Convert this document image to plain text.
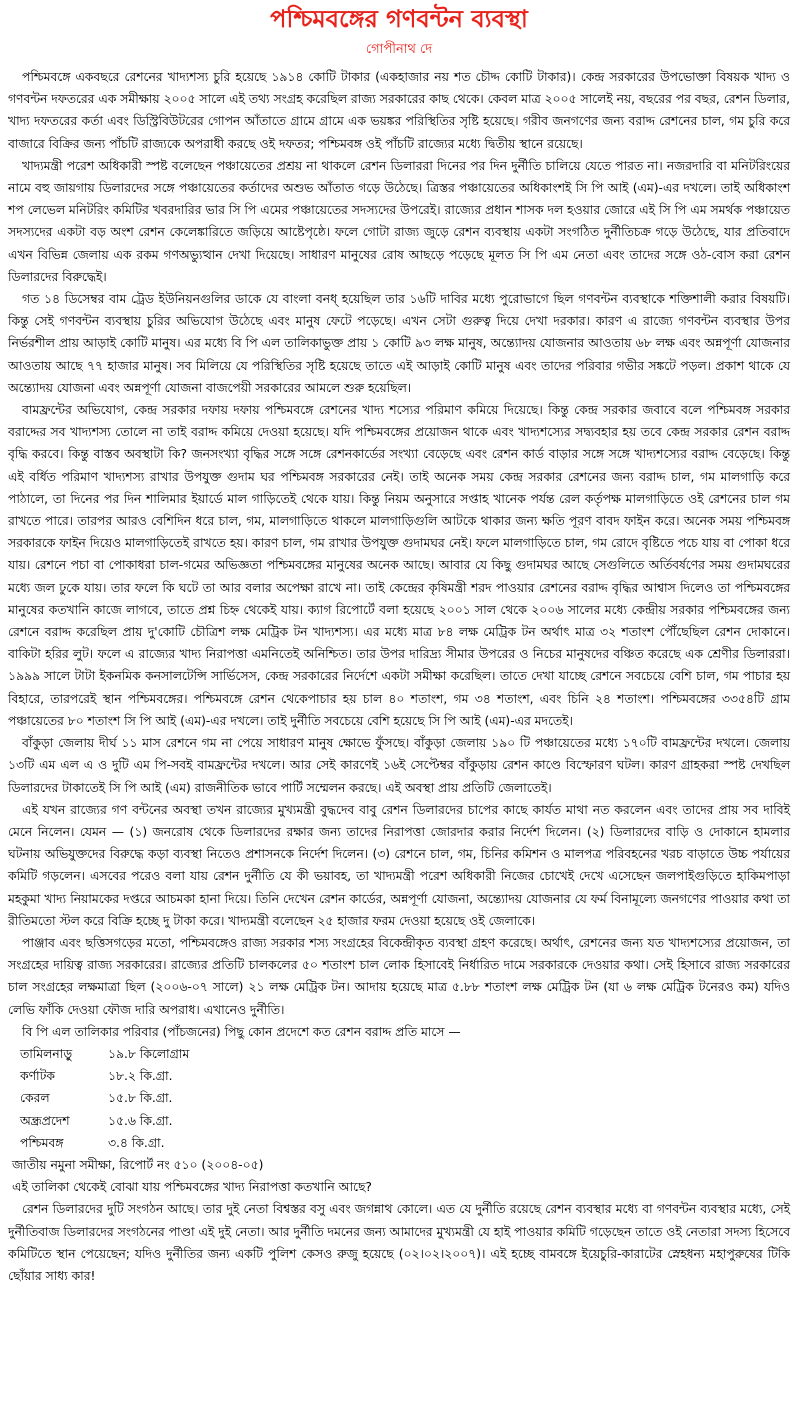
পশ্চিমবঙ্গের গণবন্টন ব্যবস্থা
গোপীনাথ দে

পশ্চিমবঙ্গে একবছরে রেশনের খাদ্যশস্য চুরি হয়েছে ১৯১৪ কোটি টাকার (একহাজার নয় শত চৌদ্দ কোটি টাকার)। কেন্দ্র সরকারের উপভোক্তা বিষয়ক খাদ্য ও গণবন্টন দফতরের এক সমীক্ষায় ২০০৫ সালে এই তথ্য সংগ্রহ করেছিল রাজ্য সরকারের কাছ থেকে। কেবল মাত্র ২০০৫ সালেই নয়, বছরের পর বছর, রেশন ডিলার, খাদ্য দফতরের কর্তা এবং ডিস্ট্রিবিউটরের গোপন আঁতাতে গ্রামে গ্রামে এক ভয়ঙ্কর পরিস্থিতির সৃষ্টি হয়েছে। গরীব জনগণের জন্য বরাদ্দ রেশনের চাল, গম চুরি করে বাজারে বিক্রির জন্য পাঁচটি রাজ্যকে অপরাধী করছে ওই দফতর; পশ্চিমবঙ্গ ওই পাঁচটি রাজ্যের মধ্যে দ্বিতীয় স্থানে রয়েছে।

খাদ্যমন্ত্রী পরেশ অধিকারী স্পষ্ট বলেছেন পঞ্চায়েতের প্রশ্রয় না থাকলে রেশন ডিলাররা দিনের পর দিন দুর্নীতি চালিয়ে যেতে পারত না। নজরদারি বা মনিটরিংয়ের নামে বহু জায়গায় ডিলারদের সঙ্গে পঞ্চায়েতের কর্তাদের অশুভ আঁতাত গড়ে উঠেছে। ত্রিস্তর পঞ্চায়েতের অধিকাংশই সি পি আই (এম)-এর দখলে। তাই অধিকাংশ শপ লেভেল মনিটরিং কমিটির খবরদারির ভার সি পি এমের পঞ্চায়েতের সদস্যদের উপরেই। রাজ্যের প্রধান শাসক দল হওয়ার জোরে এই সি পি এম সমর্থক পঞ্চায়েত সদস্যদের একটা বড় অংশ রেশন কেলেঙ্কারিতে জড়িয়ে আষ্টেপৃষ্ঠে। ফলে গোটা রাজ্য জুড়ে রেশন ব্যবস্থায় একটা সংগঠিত দুর্নীতিচক্র গড়ে উঠেছে, যার প্রতিবাদে এখন বিভিন্ন জেলায় এক রকম গণঅভ্যুত্থান দেখা দিয়েছে। সাধারণ মানুষের রোষ আছড়ে পড়েছে মূলত সি পি এম নেতা এবং তাদের সঙ্গে ওঠ-বোস করা রেশন ডিলারদের বিরুদ্ধেই।

গত ১৪ ডিসেম্বর বাম ট্রেড ইউনিয়নগুলির ডাকে যে বাংলা বনধ্ হয়েছিল তার ১৬টি দাবির মধ্যে পুরোভাগে ছিল গণবন্টন ব্যবস্থাকে শক্তিশালী করার বিষয়টি। কিন্তু সেই গণবন্টন ব্যবস্থায় চুরির অভিযোগ উঠেছে এবং মানুষ ফেটে পড়েছে। এখন সেটা গুরুত্ব দিয়ে দেখা দরকার। কারণ এ রাজ্যে গণবন্টন ব্যবস্থার উপর নির্ভরশীল প্রায় আড়াই কোটি মানুষ। এর মধ্যে বি পি এল তালিকাভুক্ত প্রায় ১ কোটি ৯৩ লক্ষ মানুষ, অন্ত্যোদয় যোজনার আওতায় ৬৮ লক্ষ এবং অন্নপূর্ণা যোজনার আওতায় আছে ৭৭ হাজার মানুষ। সব মিলিয়ে যে পরিস্থিতির সৃষ্টি হয়েছে তাতে এই আড়াই কোটি মানুষ এবং তাদের পরিবার গভীর সঙ্কটে পড়ল। প্রকাশ থাকে যে অন্ত্যোদয় যোজনা এবং অন্নপূর্ণা যোজনা বাজপেয়ী সরকারের আমলে শুরু হয়েছিল।

বামফ্রন্টের অভিযোগ, কেন্দ্র সরকার দফায় দফায় পশ্চিমবঙ্গে রেশনের খাদ্য শস্যের পরিমাণ কমিয়ে দিয়েছে। কিন্তু কেন্দ্র সরকার জবাবে বলে পশ্চিমবঙ্গ সরকার বরাদ্দের সব খাদ্যশস্য তোলে না তাই বরাদ্দ কমিয়ে দেওয়া হয়েছে। যদি পশ্চিমবঙ্গের প্রয়োজন থাকে এবং খাদ্যশস্যের সদ্ব্যবহার হয় তবে কেন্দ্র সরকার রেশন বরাদ্দ বৃদ্ধি করবে। কিন্তু বাস্তব অবস্থাটা কি? জনসংখ্যা বৃদ্ধির সঙ্গে সঙ্গে রেশনকার্ডের সংখ্যা বেড়েছে এবং রেশন কার্ড বাড়ার সঙ্গে সঙ্গে খাদ্যশস্যের বরাদ্দ বেড়েছে। কিন্তু এই বর্ধিত পরিমাণ খাদ্যশস্য রাখার উপযুক্ত গুদাম ঘর পশ্চিমবঙ্গ সরকারের নেই। তাই অনেক সময় কেন্দ্র সরকার রেশনের জন্য বরাদ্দ চাল, গম মালগাড়ি করে পাঠালে, তা দিনের পর দিন শালিমার ইয়ার্ডে মাল গাড়িতেই থেকে যায়। কিন্তু নিয়ম অনুসারে সপ্তাহ খানেক পর্যন্ত রেল কর্তৃপক্ষ মালগাড়িতে ওই রেশনের চাল গম রাখতে পারে। তারপর আরও বেশিদিন ধরে চাল, গম, মালগাড়িতে থাকলে মালগাড়িগুলি আটকে থাকার জন্য ক্ষতি পূরণ বাবদ ফাইন করে। অনেক সময় পশ্চিমবঙ্গ সরকারকে ফাইন দিয়েও মালগাড়িতেই রাখতে হয়। কারণ চাল, গম রাখার উপযুক্ত গুদামঘর নেই। ফলে মালগাড়িতে চাল, গম রোদে বৃষ্টিতে পচে যায় বা পোকা ধরে যায়। রেশনে পচা বা পোকাধরা চাল-গমের অভিজ্ঞতা পশ্চিমবঙ্গের মানুষের অনেক আছে। আবার যে কিছু গুদামঘর আছে সেগুলিতে অর্তিবর্ষণের সময় গুদামঘরের মধ্যে জল ঢুকে যায়। তার ফলে কি ঘটে তা আর বলার অপেক্ষা রাখে না। তাই কেন্দ্রের কৃষিমন্ত্রী শরদ পাওয়ার রেশনের বরাদ্দ বৃদ্ধির আশ্বাস দিলেও তা পশ্চিমবঙ্গের মানুষের কতখানি কাজে লাগবে, তাতে প্রশ্ন চিহ্ন থেকেই যায়। ক্যাগ রিপোর্টে বলা হয়েছে ২০০১ সাল থেকে ২০০৬ সালের মধ্যে কেন্দ্রীয় সরকার পশ্চিমবঙ্গের জন্য রেশনে বরাদ্দ করেছিল প্রায় দু'কোটি চৌত্রিশ লক্ষ মেট্রিক টন খাদ্যশস্য। এর মধ্যে মাত্র ৮৪ লক্ষ মেট্রিক টন অর্থাৎ মাত্র ৩২ শতাংশ পৌঁছেছিল রেশন দোকানে। বাকিটা হরির লুট। ফলে এ রাজ্যের খাদ্য নিরাপত্তা এমনিতেই অনিশ্চিত। তার উপর দারিদ্র্য সীমার উপরের ও নিচের মানুষদের বঞ্চিত করেছে এক শ্রেণীর ডিলাররা। ১৯৯৯ সালে টাটা ইকনমিক কনসালটেন্সি সার্ভিসেস, কেন্দ্র সরকারের নির্দেশে একটা সমীক্ষা করেছিল। তাতে দেখা যাচ্ছে রেশনে সবচেয়ে বেশি চাল, গম পাচার হয় বিহারে, তারপরেই স্থান পশ্চিমবঙ্গের। পশ্চিমবঙ্গে রেশন থেকেপাচার হয় চাল ৪০ শতাংশ, গম ৩৪ শতাংশ, এবং চিনি ২৪ শতাংশ। পশ্চিমবঙ্গের ৩৩৫৪টি গ্রাম পঞ্চায়েতের ৮০ শতাংশ সি পি আই (এম)-এর দখলে। তাই দুর্নীতি সবচেয়ে বেশি হয়েছে সি পি আই (এম)-এর মদতেই।

বাঁকুড়া জেলায় দীর্ঘ ১১ মাস রেশনে গম না পেয়ে সাধারণ মানুষ ক্ষোভে ফুঁসছে। বাঁকুড়া জেলায় ১৯০ টি পঞ্চায়েতের মধ্যে ১৭০টি বামফ্রন্টের দখলে। জেলায় ১৩টি এম এল এ ও দুটি এম পি-সবই বামফ্রন্টের দখলে। আর সেই কারণেই ১৬ই সেপ্টেম্বর বাঁকুড়ায় রেশন কাণ্ডে বিস্ফোরণ ঘটল। কারণ গ্রাহকরা স্পষ্ট দেখছিল ডিলারদের টাকাতেই সি পি আই (এম) রাজনীতিক ভাবে পার্টি সম্মেলন করছে। এই অবস্থা প্রায় প্রতিটি জেলাতেই।

এই যখন রাজ্যের গণ বন্টনের অবস্থা তখন রাজ্যের মুখ্যমন্ত্রী বুদ্ধদেব বাবু রেশন ডিলারদের চাপের কাছে কার্যত মাথা নত করলেন এবং তাদের প্রায় সব দাবিই মেনে নিলেন। যেমন — (১) জনরোষ থেকে ডিলারদের রক্ষার জন্য তাদের নিরাপত্তা জোরদার করার নির্দেশ দিলেন। (২) ডিলারদের বাড়ি ও দোকানে হামলার ঘটনায় অভিযুক্তদের বিরুদ্ধে কড়া ব্যবস্থা নিতেও প্রশাসনকে নির্দেশ দিলেন। (৩) রেশনে চাল, গম, চিনির কমিশন ও মালপত্র পরিবহনের খরচ বাড়াতে উচ্চ পর্যায়ের কমিটি গড়লেন। এসবের পরেও বলা যায় রেশন দুর্নীতি যে কী ভয়াবহ, তা খাদ্যমন্ত্রী পরেশ অধিকারী নিজের চোখেই দেখে এসেছেন জলপাইগুড়িতে হাকিমপাড়া মহকুমা খাদ্য নিয়ামকের দপ্তরে আচমকা হানা দিয়ে। তিনি দেখেন রেশন কার্ডের, অন্নপূর্ণা যোজনা, অন্ত্যোদয় যোজনার যে ফর্ম বিনামূল্যে জনগণের পাওয়ার কথা তা রীতিমতো স্টল করে বিক্রি হচ্ছে দু টাকা করে। খাদ্যমন্ত্রী বলেছেন ২৫ হাজার ফরম দেওয়া হয়েছে ওই জেলাকে।

পাঞ্জাব এবং ছত্তিসগড়ের মতো, পশ্চিমবঙ্গেও রাজ্য সরকার শস্য সংগ্রহের বিকেন্দ্রীকৃত ব্যবস্থা গ্রহণ করেছে। অর্থাৎ, রেশনের জন্য যত খাদ্যশস্যের প্রয়োজন, তা সংগ্রহের দায়িত্ব রাজ্য সরকারের। রাজ্যের প্রতিটি চালকলের ৫০ শতাংশ চাল লোক হিসাবেই নির্ধারিত দামে সরকারকে দেওয়ার কথা। সেই হিসাবে রাজ্য সরকারের চাল সংগ্রহের লক্ষমাত্রা ছিল (২০০৬-০৭ সালে) ২১ লক্ষ মেট্রিক টন। আদায় হয়েছে মাত্র ৫.৮৮ শতাংশ লক্ষ মেট্রিক টন (যা ৬ লক্ষ মেট্রিক টনেরও কম) যদিও লেভি ফাঁকি দেওয়া ফৌজ দারি অপরাধ। এখানেও দুর্নীতি।

বি পি এল তালিকার পরিবার (পাঁচজনের) পিছু কোন প্রদেশে কত রেশন বরাদ্দ প্রতি মাসে —

তামিলনাড়ু	১৯.৮ কিলোগ্রাম
কর্ণাটক	১৮.২ কি.গ্রা.
কেরল	১৫.৮ কি.গ্রা.
অন্ধ্রপ্রদেশ	১৫.৬ কি.গ্রা.
পশ্চিমবঙ্গ	৩.৪ কি.গ্রা.

জাতীয় নমুনা সমীক্ষা, রিপোর্ট নং ৫১০ (২০০৪-০৫)

এই তালিকা থেকেই বোঝা যায় পশ্চিমবঙ্গের খাদ্য নিরাপত্তা কতখানি আছে?

রেশন ডিলারদের দুটি সংগঠন আছে। তার দুই নেতা বিশ্বস্তর বসু এবং জগন্নাথ কোলে। এত যে দুর্নীতি রয়েছে রেশন ব্যবস্থার মধ্যে বা গণবন্টন ব্যবস্থার মধ্যে, সেই দুর্নীতিবাজ ডিলারদের সংগঠনের পাণ্ডা এই দুই নেতা। আর দুর্নীতি দমনের জন্য আমাদের মুখ্যমন্ত্রী যে হাই পাওয়ার কমিটি গড়েছেন তাতে ওই নেতারা সদস্য হিসেবে কমিটিতে স্থান পেয়েছেন; যদিও দুর্নীতির জন্য একটি পুলিশ কেসও রুজু হয়েছে (০২।০২।২০০৭)। এই হচ্ছে বামবঙ্গে ইয়েচুরি-কারাটের স্নেহধন্য মহাপুরুষের টিকি ছোঁয়ার সাধ্য কার!
